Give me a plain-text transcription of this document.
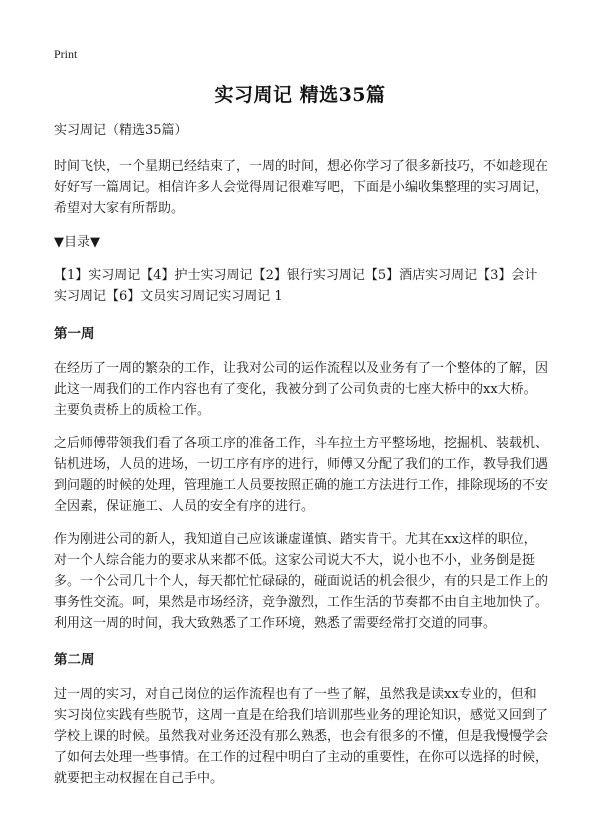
Print
实习周记 精选35篇

实习周记（精选35篇）

时间飞快，一个星期已经结束了，一周的时间，想必你学习了很多新技巧，不如趁现在好好写一篇周记。相信许多人会觉得周记很难写吧，下面是小编收集整理的实习周记，希望对大家有所帮助。

▼目录▼

【1】实习周记【4】护士实习周记【2】银行实习周记【5】酒店实习周记【3】会计实习周记【6】文员实习周记实习周记 1

第一周

在经历了一周的繁杂的工作，让我对公司的运作流程以及业务有了一个整体的了解，因此这一周我们的工作内容也有了变化，我被分到了公司负责的七座大桥中的xx大桥。主要负责桥上的质检工作。

之后师傅带领我们看了各项工序的准备工作，斗车拉土方平整场地，挖掘机、装载机、钻机进场，人员的进场，一切工序有序的进行，师傅又分配了我们的工作，教导我们遇到问题的时候的处理，管理施工人员要按照正确的施工方法进行工作，排除现场的不安全因素，保证施工、人员的安全有序的进行。

作为刚进公司的新人，我知道自己应该谦虚谨慎、踏实肯干。尤其在xx这样的职位，对一个人综合能力的要求从来都不低。这家公司说大不大，说小也不小，业务倒是挺多。一个公司几十个人，每天都忙忙碌碌的，碰面说话的机会很少，有的只是工作上的事务性交流。呵，果然是市场经济，竞争激烈，工作生活的节奏都不由自主地加快了。利用这一周的时间，我大致熟悉了工作环境，熟悉了需要经常打交道的同事。

第二周

过一周的实习，对自己岗位的运作流程也有了一些了解，虽然我是读xx专业的，但和实习岗位实践有些脱节，这周一直是在给我们培训那些业务的理论知识，感觉又回到了学校上课的时候。虽然我对业务还没有那么熟悉，也会有很多的不懂，但是我慢慢学会了如何去处理一些事情。在工作的过程中明白了主动的重要性，在你可以选择的时候，就要把主动权握在自己手中。
